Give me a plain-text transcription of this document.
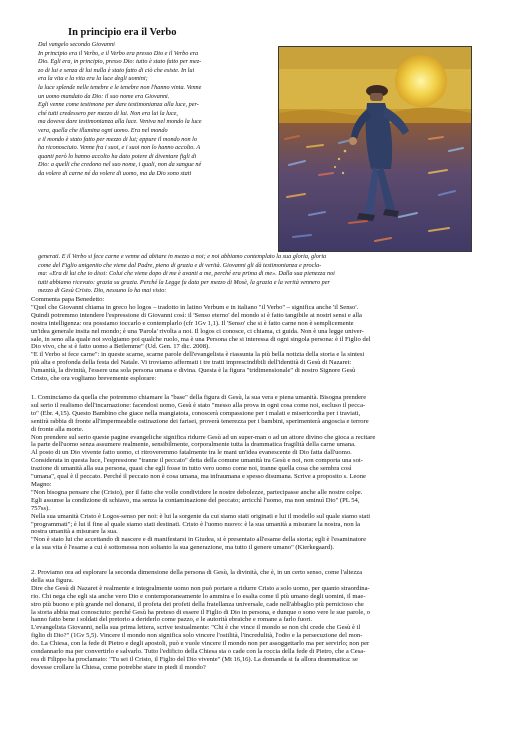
In principio era il Verbo

Dal vangelo secondo Giovanni

In principio era il Verbo, e il Verbo era presso Dio e il Verbo era

Dio. Egli era, in principio, presso Dio: tutto è stato fatto per mez-

zo di lui e senza di lui nulla è stato fatto di ciò che esiste. In lui

era la vita e la vita era la luce degli uomini;

la luce splende nelle tenebre e le tenebre non l'hanno vinta. Venne

un uomo mandato da Dio: il suo nome era Giovanni.

Egli venne come testimone per dare testimonianza alla luce, per-

ché tutti credessero per mezzo di lui. Non era lui la luce,

ma doveva dare testimonianza alla luce. Veniva nel mondo la luce

vera, quella che illumina ogni uomo. Era nel mondo

e il mondo è stato fatto per mezzo di lui; eppure il mondo non lo

ha riconosciuto. Venne fra i suoi, e i suoi non lo hanno accolto. A

quanti però lo hanno accolto ha dato potere di diventare figli di

Dio: a quelli che credono nel suo nome, i quali, non da sangue né

da volere di carne né da volere di uomo, ma da Dio sono stati

generati. E il Verbo si fece carne e venne ad abitare in mezzo a noi; e noi abbiamo contemplato la sua gloria, gloria

come del Figlio unigenito che viene dal Padre, pieno di grazia e di verità. Giovanni gli dà testimonianza e procla-

ma: «Era di lui che io dissi: Colui che viene dopo di me è avanti a me, perché era prima di me». Dalla sua pienezza noi

tutti abbiamo ricevuto: grazia su grazia. Perché la Legge fu data per mezzo di Mosè, la grazia e la verità vennero per

mezzo di Gesù Cristo. Dio, nessuno lo ha mai visto:

Commenta papa Benedetto:

"Quel che Giovanni chiama in greco ho logos – tradotto in latino Verbum e in italiano "il Verbo" – significa anche 'il Senso'.

Quindi potremmo intendere l'espressione di Giovanni così: il 'Senso eterno' del mondo si è fatto tangibile ai nostri sensi e alla

nostra intelligenza: ora possiamo toccarlo e contemplarlo (cfr 1Gv 1,1). Il 'Senso' che si è fatto carne non è semplicemente

un'idea generale insita nel mondo; è una 'Parola' rivolta a noi. Il logos ci conosce, ci chiama, ci guida. Non è una legge univer-

sale, in seno alla quale noi svolgiamo poi qualche ruolo, ma è una Persona che si interessa di ogni singola persona: è il Figlio del

Dio vivo, che si è fatto uomo a Betlemme" (Ud. Gen. 17 dic. 2008).

"E il Verbo si fece carne": in queste scarne, scarne parole dell'evangelista è riassunta la più bella notizia della storia e la sintesi

più alta e profonda della festa del Natale. Vi troviamo affermati i tre tratti imprescindibili dell'identità di Gesù di Nazaret:

l'umanità, la divinità, l'essere una sola persona umana e divina. Questa è la figura "tridimensionale" di nostro Signore Gesù

Cristo, che ora vogliamo brevemente esplorare:

1. Cominciamo da quella che potremmo chiamare la "base" della figura di Gesù, la sua vera e piena umanità. Bisogna prendere

sul serio il realismo dell'incarnazione: facendosi uomo, Gesù è stato "messo alla prova in ogni cosa come noi, escluso il pecca-

to" (Ebr. 4,15). Questo Bambino che giace nella mangiatoia, conoscerà compassione per i malati e misericordia per i traviati,

sentirà rabbia di fronte all'impermeabile ostinazione dei farisei, proverà tenerezza per i bambini, sperimenterà angoscia e terrore

di fronte alla morte.

Non prendere sul serio queste pagine evangeliche significa ridurre Gesù ad un super-man o ad un attore divino che gioca a recitare

la parte dell'uomo senza assumere realmente, sensibilmente, corporalmente tutta la drammatica fragilità della carne umana.

Al posto di un Dio vivente fatto uomo, ci ritroveremmo fatalmente tra le mani un'idea evanescente di Dio fatta dall'uomo.

Considerata in questa luce, l'espressione "tranne il peccato" detta della comune umanità tra Gesù e noi, non comporta una sot-

trazione di umanità alla sua persona, quasi che egli fosse in tutto vero uomo come noi, tranne quella cosa che sembra così

"umana", qual è il peccato. Perché il peccato non è cosa umana, ma infraumana e spesso disumana. Scrive a proposito s. Leone

Magno:

"Non bisogna pensare che (Cristo), per il fatto che volle condividere le nostre debolezze, partecipasse anche alle nostre colpe.

Egli assunse la condizione di schiavo, ma senza la contaminazione del peccato; arricchì l'uomo, ma non sminuì Dio" (PL 54,

757ss).

Nella sua umanità Cristo è Logos-senso per noi: è lui la sorgente da cui siamo stati originati e lui il modello sul quale siamo stati

"programmati"; è lui il fine al quale siamo stati destinati. Cristo è l'uomo nuovo: è la sua umanità a misurare la nostra, non la

nostra umanità a misurare la sua.

"Non è stato lui che accettando di nascere e di manifestarsi in Giudea, si è presentato all'esame della storia; egli è l'esaminatore

e la sua vita è l'esame a cui è sottomessa non soltanto la sua generazione, ma tutto il genere umano" (Kierkegaard).

2. Proviamo ora ad esplorare la seconda dimensione della persona di Gesù, la divinità, che è, in un certo senso, come l'altezza

della sua figura.

Dire che Gesù di Nazaret è realmente e integralmente uomo non può portare a ridurre Cristo a solo uomo, per quanto straordina-

rio. Chi nega che egli sia anche vero Dio e contemporaneamente lo ammira e lo esalta come il più umano degli uomini, il mae-

stro più buono e più grande nel donarsi, il profeta dei profeti della fratellanza universale, cade nell'abbaglio più pernicioso che

la storia abbia mai conosciuto: perché Gesù ha preteso di essere il Figlio di Dio in persona, e dunque o sono vere le sue parole, o

hanno fatto bene i soldati del pretorio a deriderlo come pazzo, e le autorità ebraiche e romane a farlo fuori.

L'evangelista Giovanni, nella sua prima lettera, scrive testualmente: "Chi è che vince il mondo se non chi crede che Gesù è il

figlio di Dio?" (1Gv 5,5). Vincere il mondo non significa solo vincere l'ostilità, l'incredulità, l'odio e la persecuzione del mon-

do. La Chiesa, con la fede di Pietro e degli apostoli, può e vuole vincere il mondo non per assoggettarlo ma per servirlo; non per

condannarlo ma per convertirlo e salvarlo. Tutto l'edificio della Chiesa sta o cade con la roccia della fede di Pietro, che a Cesa-

rea di Filippo ha proclamato: "Tu sei il Cristo, il Figlio del Dio vivente" (Mt 16,16). La domanda si fa allora drammatica: se

dovesse crollare la Chiesa, come potrebbe stare in piedi il mondo?
